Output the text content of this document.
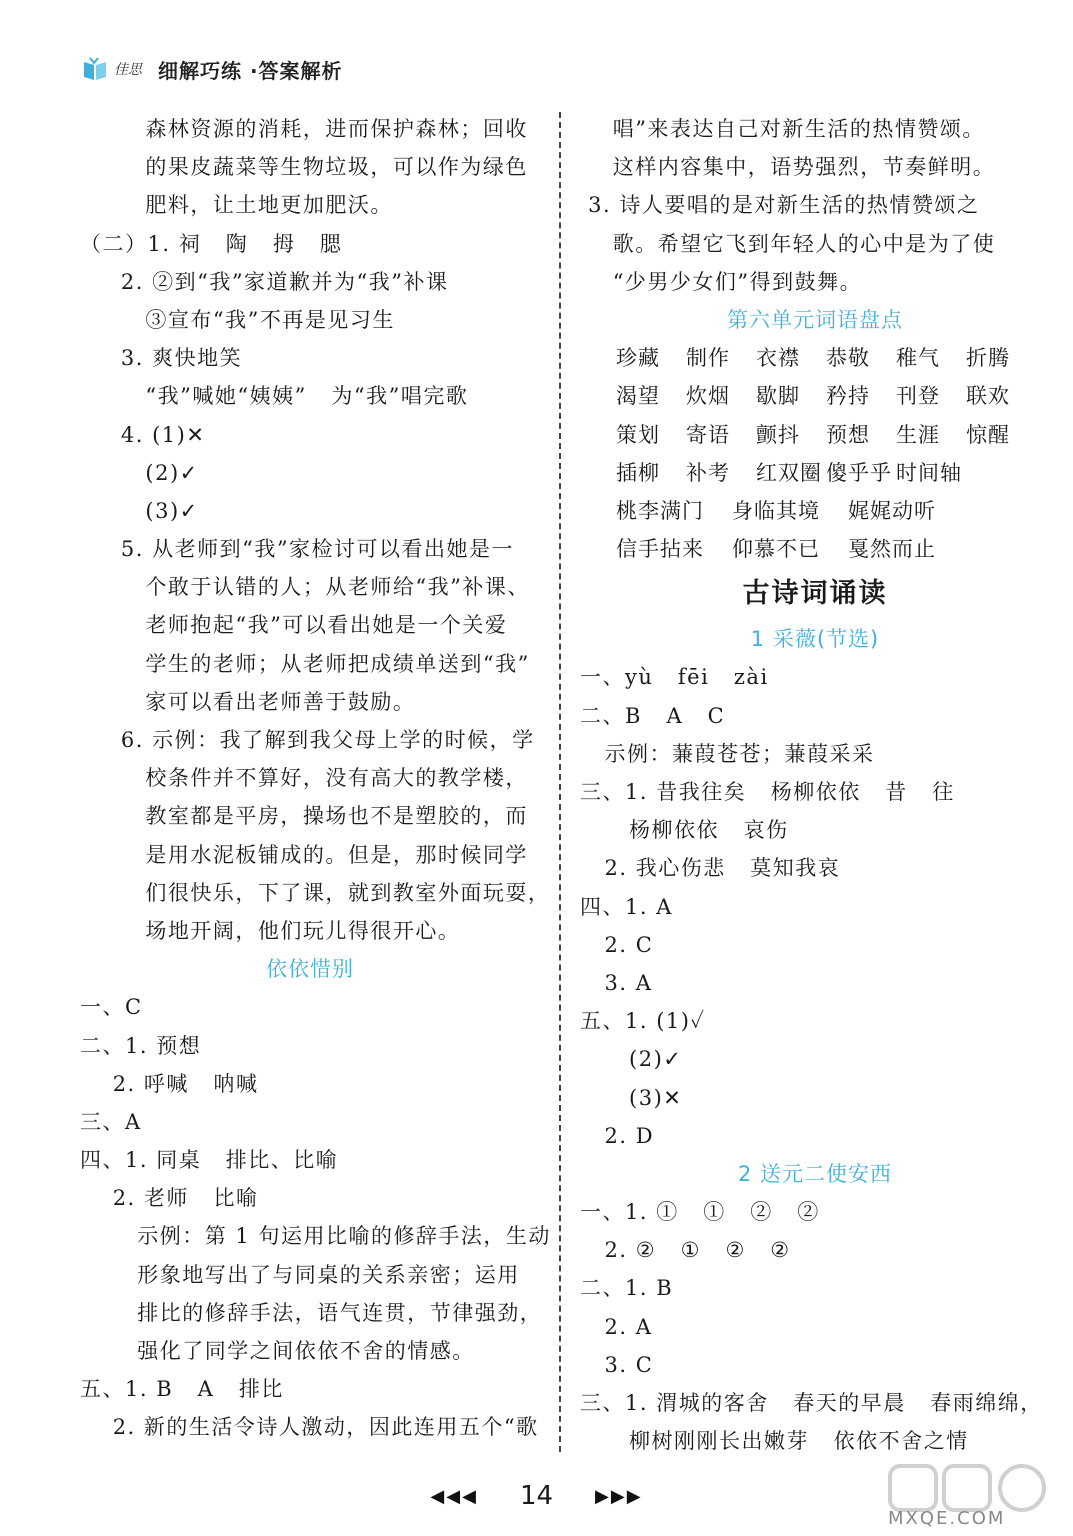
佳思 细解巧练 ·答案解析
森林资源的消耗，进而保护森林；回收
的果皮蔬菜等生物垃圾，可以作为绿色
肥料，让土地更加肥沃。
（二）1. 祠   陶   拇   腮
2. ②到“我”家道歉并为“我”补课
③宣布“我”不再是见习生
3. 爽快地笑
“我”喊她“姨姨”   为“我”唱完歌
4. (1)✕
(2)✓
(3)✓
5. 从老师到“我”家检讨可以看出她是一
个敢于认错的人；从老师给“我”补课、
老师抱起“我”可以看出她是一个关爱
学生的老师；从老师把成绩单送到“我”
家可以看出老师善于鼓励。
6. 示例：我了解到我父母上学的时候，学
校条件并不算好，没有高大的教学楼，
教室都是平房，操场也不是塑胶的，而
是用水泥板铺成的。但是，那时候同学
们很快乐，下了课，就到教室外面玩耍，
场地开阔，他们玩儿得很开心。
依依惜别
一、C
二、1. 预想
2. 呼喊   呐喊
三、A
四、1. 同桌   排比、比喻
2. 老师   比喻
示例：第 1 句运用比喻的修辞手法，生动
形象地写出了与同桌的关系亲密；运用
排比的修辞手法，语气连贯，节律强劲，
强化了同学之间依依不舍的情感。
五、1. B   A   排比
2. 新的生活令诗人激动，因此连用五个“歌
唱”来表达自己对新生活的热情赞颂。
这样内容集中，语势强烈，节奏鲜明。
3. 诗人要唱的是对新生活的热情赞颂之
歌。希望它飞到年轻人的心中是为了使
“少男少女们”得到鼓舞。
第六单元词语盘点
珍藏	制作	衣襟	恭敬	稚气	折腾
渴望	炊烟	歇脚	矜持	刊登	联欢
策划	寄语	颤抖	预想	生涯	惊醒
插柳	补考	红双圈 傻乎乎 时间轴
桃李满门	身临其境	娓娓动听
信手拈来	仰慕不已	戛然而止
古诗词诵读
1 采薇(节选)
一、yù   fēi   zài
二、B   A   C
示例：蒹葭苍苍；蒹葭采采
三、1. 昔我往矣   杨柳依依   昔   往
杨柳依依   哀伤
2. 我心伤悲   莫知我哀
四、1. A
2. C
3. A
五、1. (1)✓
(2)✓
(3)✕
2. D
2 送元二使安西
一、1. ①   ①   ②   ②
2. ②   ①   ②   ②
二、1. B
2. A
3. C
三、1. 渭城的客舍   春天的早晨   春雨绵绵，
柳树刚刚长出嫩芽   依依不舍之情
◀◀◀ 14 ▶▶▶
MXQE.COM
